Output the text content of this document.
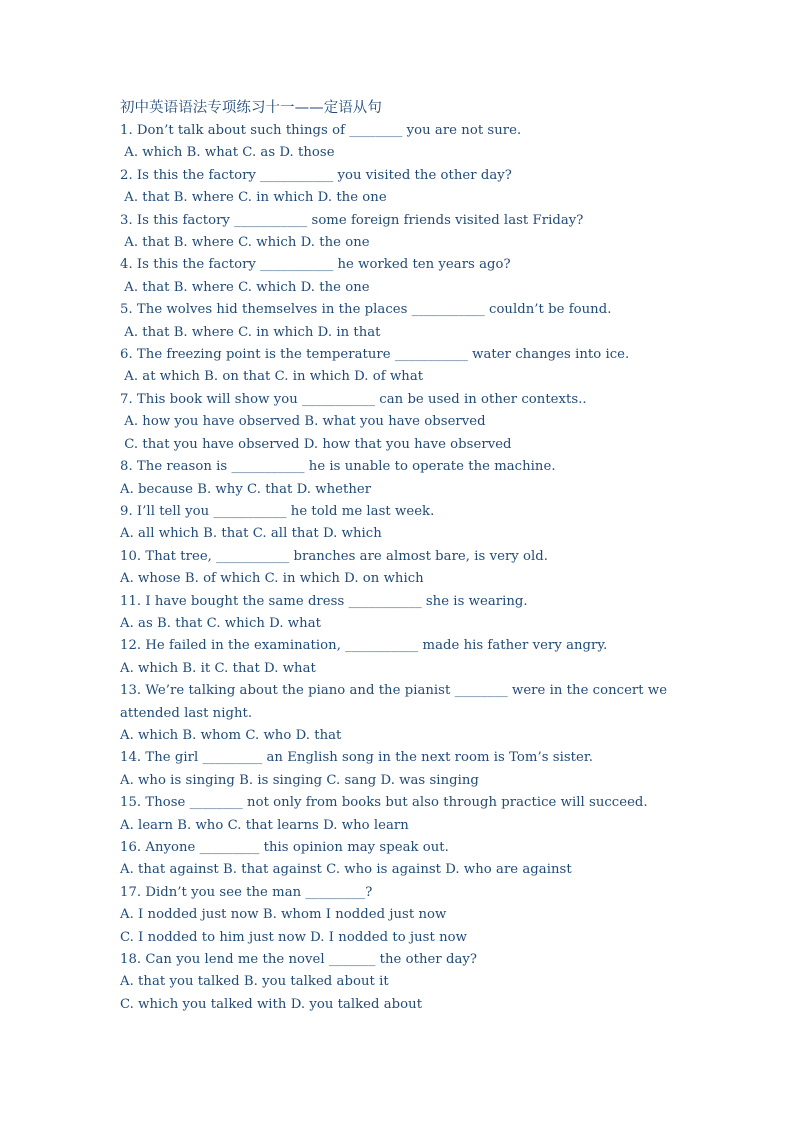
初中英语语法专项练习十一——定语从句
1. Don’t talk about such things of ________ you are not sure.
A. which B. what C. as D. those
2. Is this the factory ___________ you visited the other day?
A. that B. where C. in which D. the one
3. Is this factory ___________ some foreign friends visited last Friday?
A. that B. where C. which D. the one
4. Is this the factory ___________ he worked ten years ago?
A. that B. where C. which D. the one
5. The wolves hid themselves in the places ___________ couldn’t be found.
A. that B. where C. in which D. in that
6. The freezing point is the temperature ___________ water changes into ice.
A. at which B. on that C. in which D. of what
7. This book will show you ___________ can be used in other contexts..
A. how you have observed B. what you have observed
C. that you have observed D. how that you have observed
8. The reason is ___________ he is unable to operate the machine.
A. because B. why C. that D. whether
9. I’ll tell you ___________ he told me last week.
A. all which B. that C. all that D. which
10. That tree, ___________ branches are almost bare, is very old.
A. whose B. of which C. in which D. on which
11. I have bought the same dress ___________ she is wearing.
A. as B. that C. which D. what
12. He failed in the examination, ___________ made his father very angry.
A. which B. it C. that D. what
13. We’re talking about the piano and the pianist ________ were in the concert we attended last night.
A. which B. whom C. who D. that
14. The girl _________ an English song in the next room is Tom’s sister.
A. who is singing B. is singing C. sang D. was singing
15. Those ________ not only from books but also through practice will succeed.
A. learn B. who C. that learns D. who learn
16. Anyone _________ this opinion may speak out.
A. that against B. that against C. who is against D. who are against
17. Didn’t you see the man _________?
A. I nodded just now B. whom I nodded just now
C. I nodded to him just now D. I nodded to just now
18. Can you lend me the novel _______ the other day?
A. that you talked B. you talked about it
C. which you talked with D. you talked about
